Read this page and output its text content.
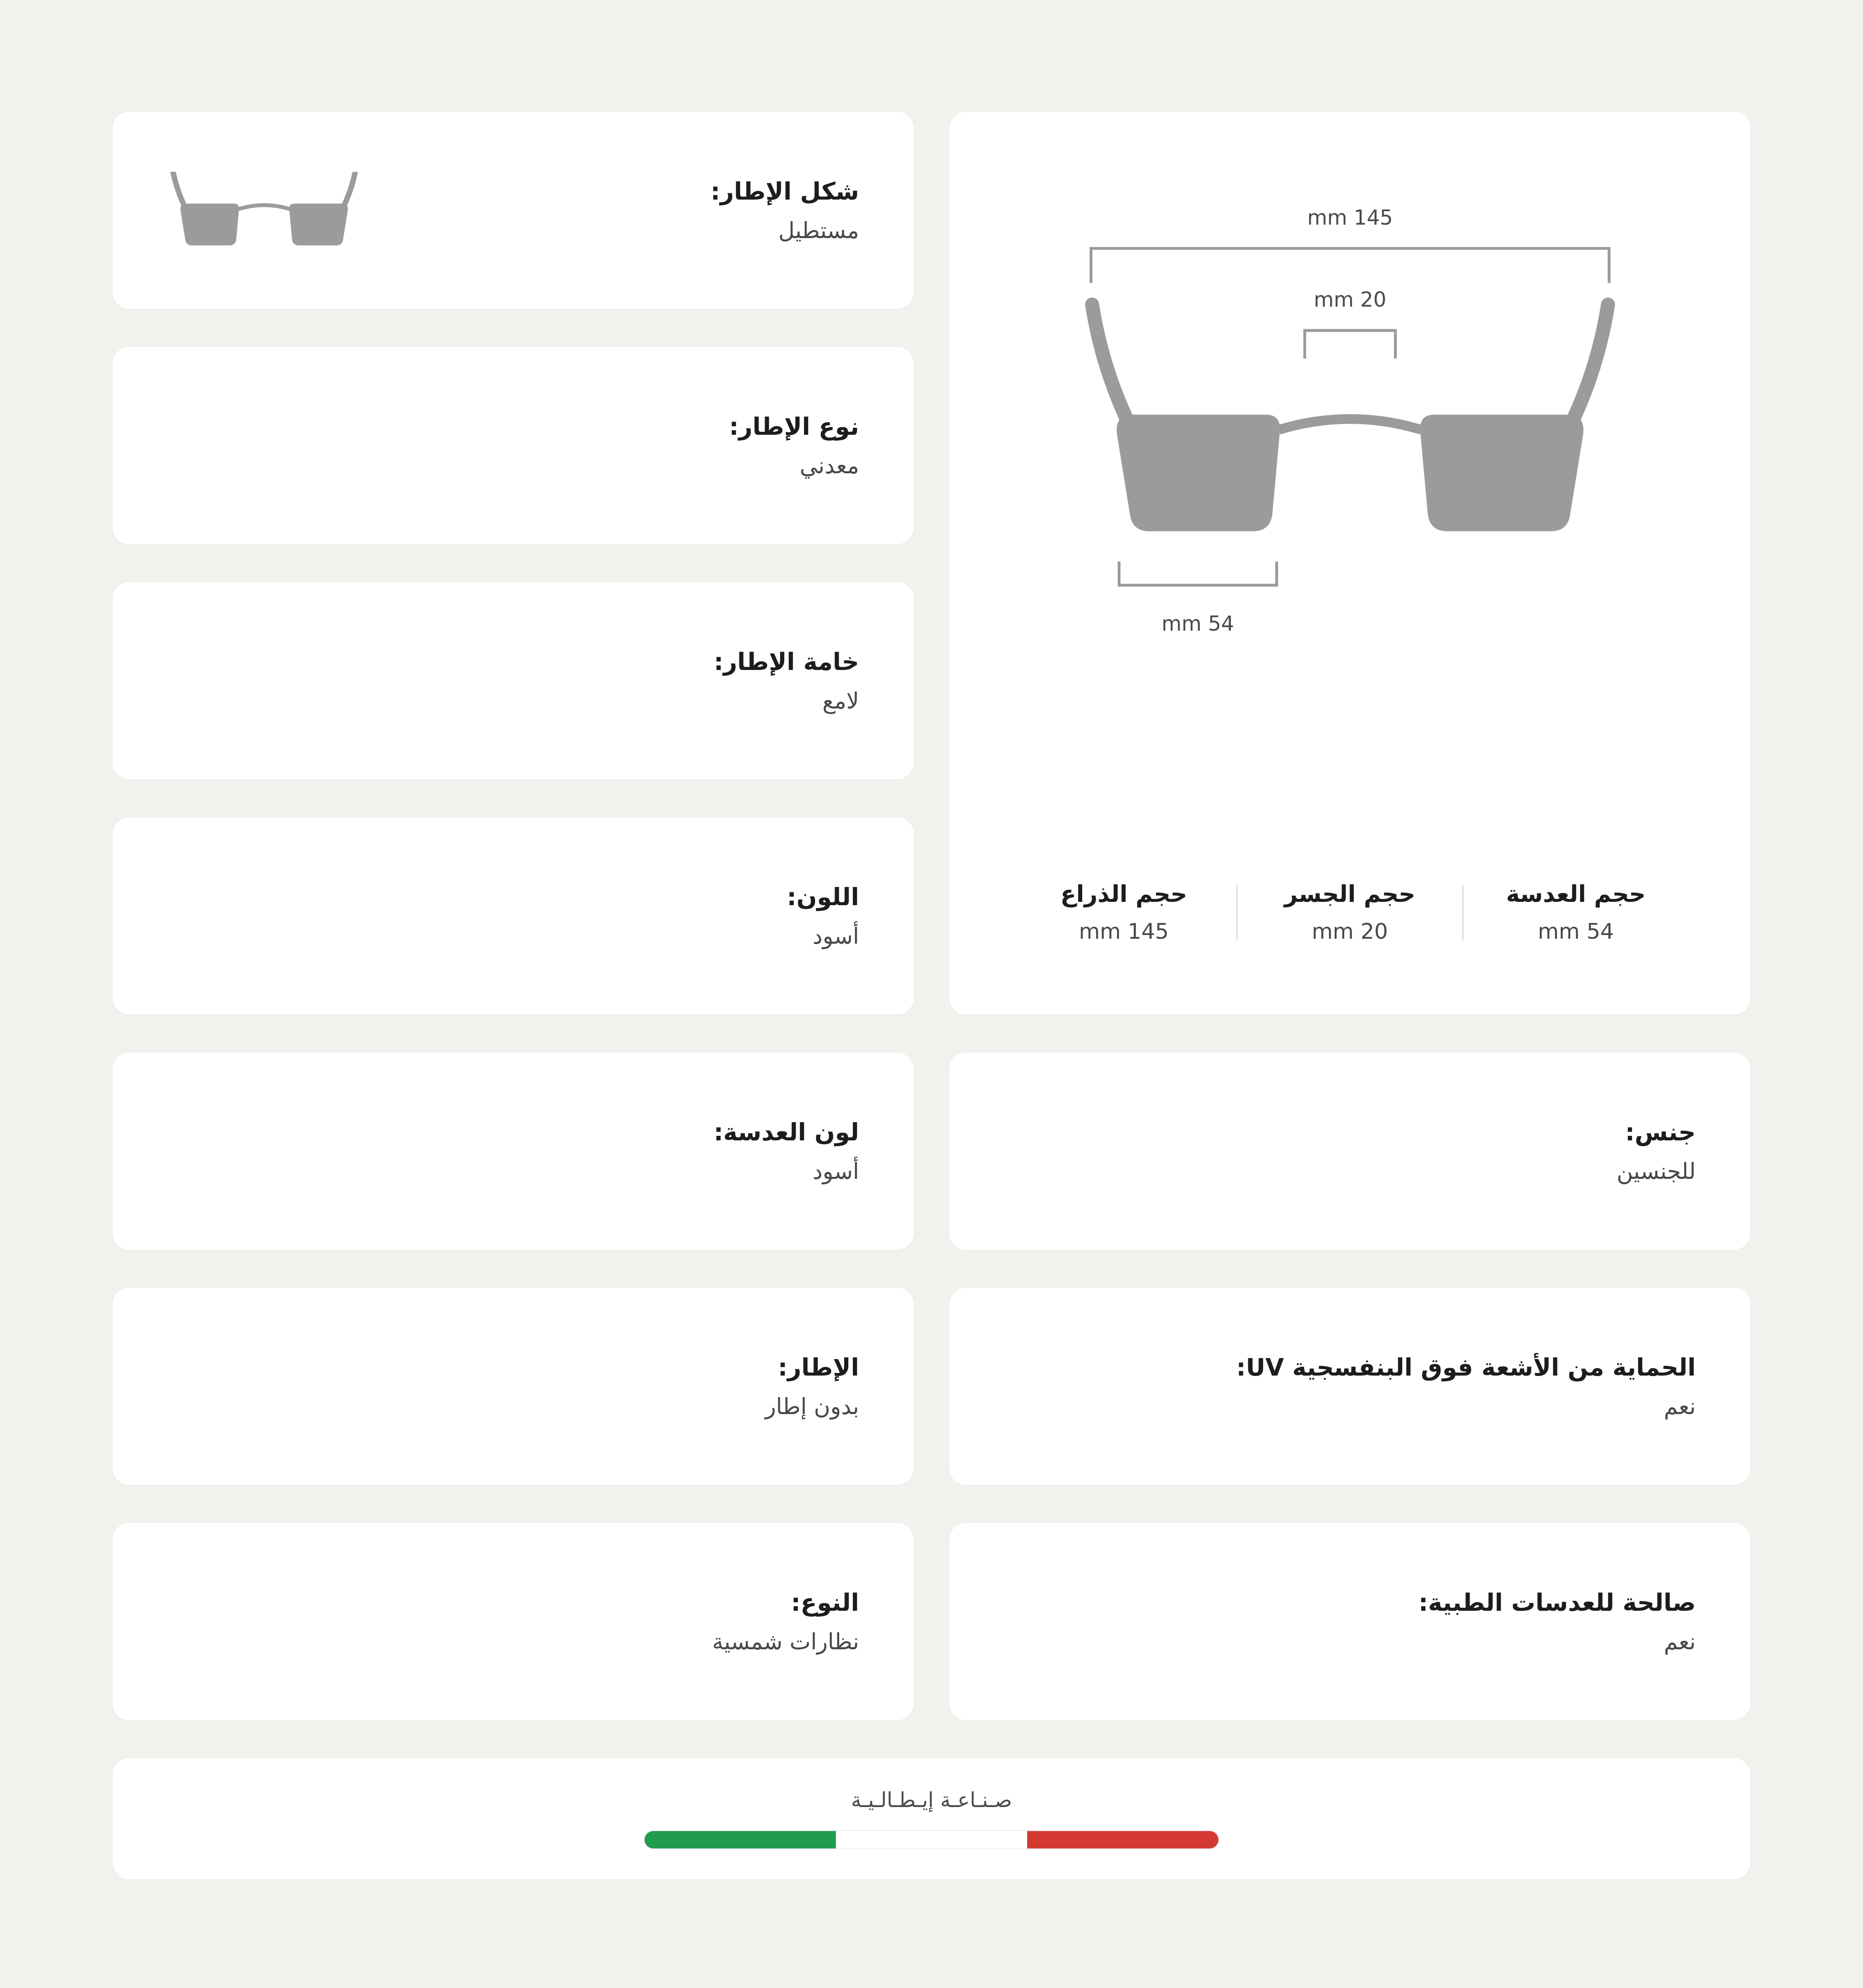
145 mm
20 mm
54 mm
حجم العدسة
54 mm
حجم الجسر
20 mm
حجم الذراع
145 mm
جنس:
للجنسين
الحماية من الأشعة فوق البنفسجية UV:
نعم
صالحة للعدسات الطبية:
نعم
شكل الإطار:
مستطيل
نوع الإطار:
معدني
خامة الإطار:
لامع
اللون:
أسود
لون العدسة:
أسود
الإطار:
بدون إطار
النوع:
نظارات شمسية
صـنـاعـة إيـطـالـيـة
